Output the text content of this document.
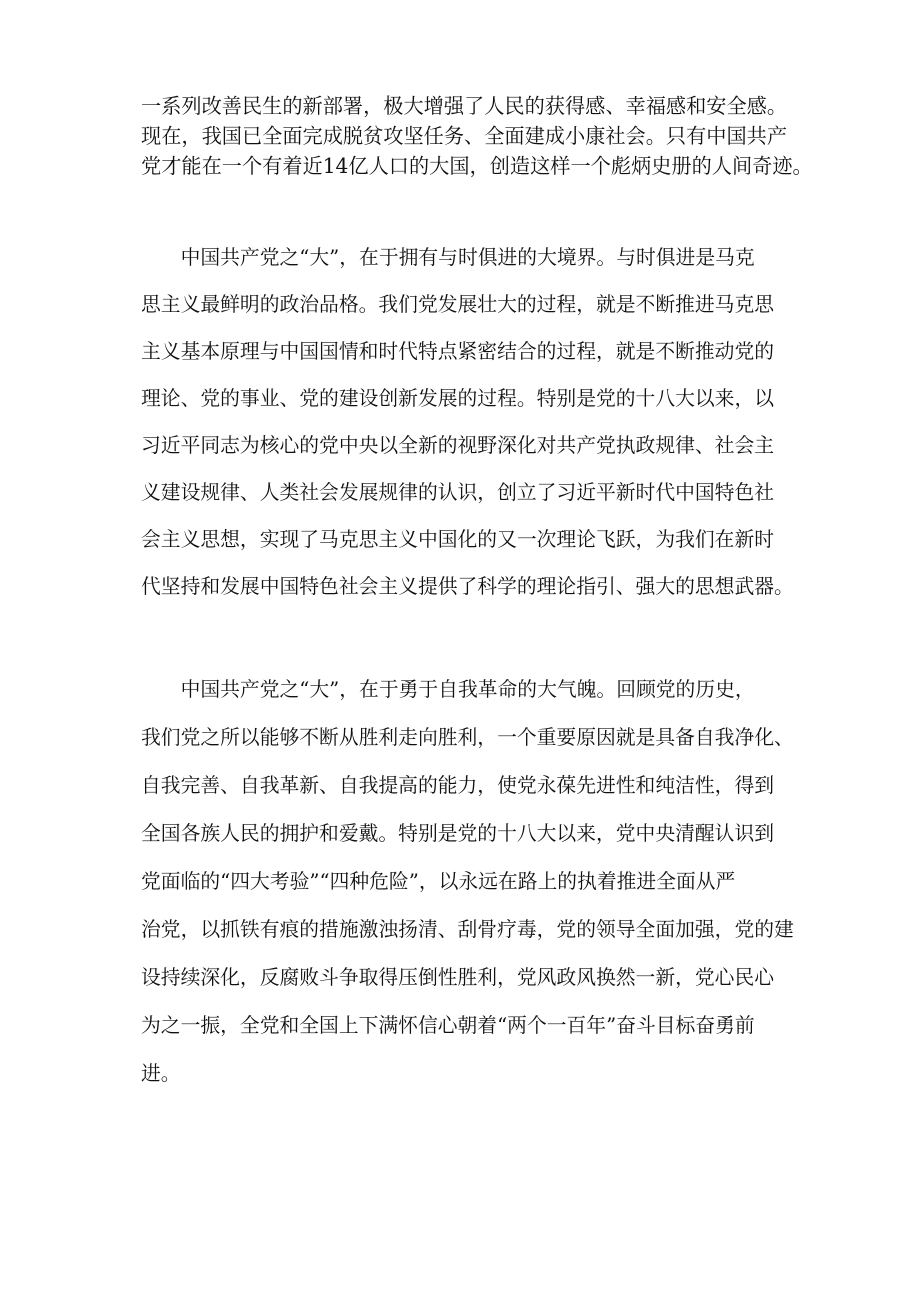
一系列改善民生的新部署，极大增强了人民的获得感、幸福感和安全感。

现在，我国已全面完成脱贫攻坚任务、全面建成小康社会。只有中国共产

党才能在一个有着近14亿人口的大国，创造这样一个彪炳史册的人间奇迹。

　　中国共产党之“大”，在于拥有与时俱进的大境界。与时俱进是马克

思主义最鲜明的政治品格。我们党发展壮大的过程，就是不断推进马克思

主义基本原理与中国国情和时代特点紧密结合的过程，就是不断推动党的

理论、党的事业、党的建设创新发展的过程。特别是党的十八大以来，以

习近平同志为核心的党中央以全新的视野深化对共产党执政规律、社会主

义建设规律、人类社会发展规律的认识，创立了习近平新时代中国特色社

会主义思想，实现了马克思主义中国化的又一次理论飞跃，为我们在新时

代坚持和发展中国特色社会主义提供了科学的理论指引、强大的思想武器。

　　中国共产党之“大”，在于勇于自我革命的大气魄。回顾党的历史，

我们党之所以能够不断从胜利走向胜利，一个重要原因就是具备自我净化、

自我完善、自我革新、自我提高的能力，使党永葆先进性和纯洁性，得到

全国各族人民的拥护和爱戴。特别是党的十八大以来，党中央清醒认识到

党面临的“四大考验”“四种危险”，以永远在路上的执着推进全面从严

治党，以抓铁有痕的措施激浊扬清、刮骨疗毒，党的领导全面加强，党的建

设持续深化，反腐败斗争取得压倒性胜利，党风政风换然一新，党心民心

为之一振，全党和全国上下满怀信心朝着“两个一百年”奋斗目标奋勇前

进。
